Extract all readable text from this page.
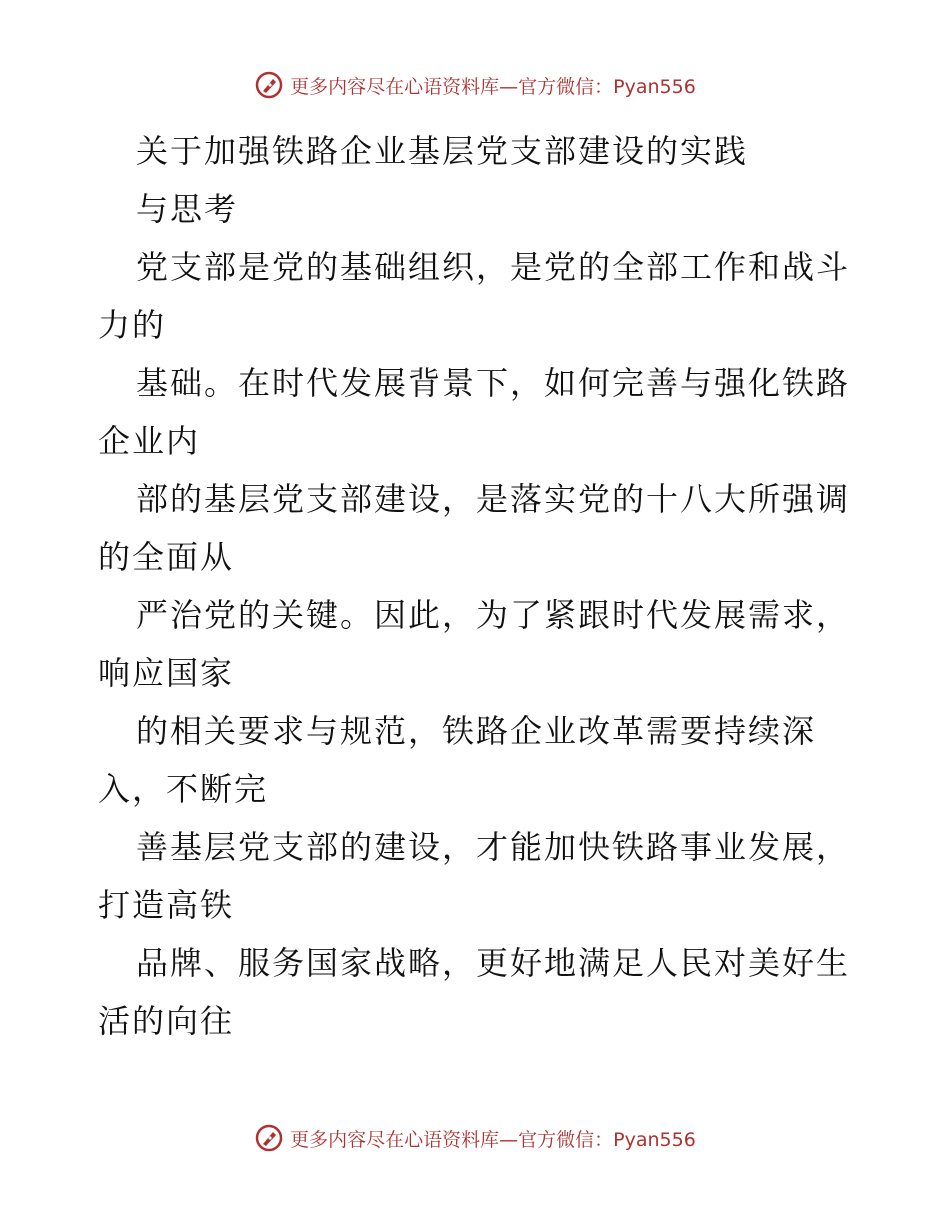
更多内容尽在心语资料库—官方微信：Pyan556
关于加强铁路企业基层党支部建设的实践
与思考
党支部是党的基础组织，是党的全部工作和战斗
力的
基础。在时代发展背景下，如何完善与强化铁路
企业内
部的基层党支部建设，是落实党的十八大所强调
的全面从
严治党的关键。因此，为了紧跟时代发展需求，
响应国家
的相关要求与规范，铁路企业改革需要持续深
入，不断完
善基层党支部的建设，才能加快铁路事业发展，
打造高铁
品牌、服务国家战略，更好地满足人民对美好生
活的向往
更多内容尽在心语资料库—官方微信：Pyan556
